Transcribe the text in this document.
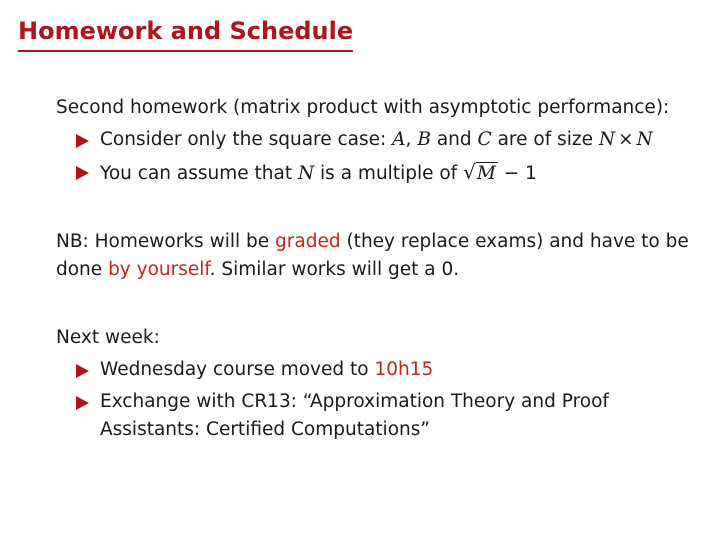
Homework and Schedule

Second homework (matrix product with asymptotic performance):

Consider only the square case: A, B and C are of size N × N
You can assume that N is a multiple of √M − 1

NB: Homeworks will be graded (they replace exams) and have to be done by yourself. Similar works will get a 0.

Next week:

Wednesday course moved to 10h15
Exchange with CR13: “Approximation Theory and Proof Assistants: Certified Computations”
